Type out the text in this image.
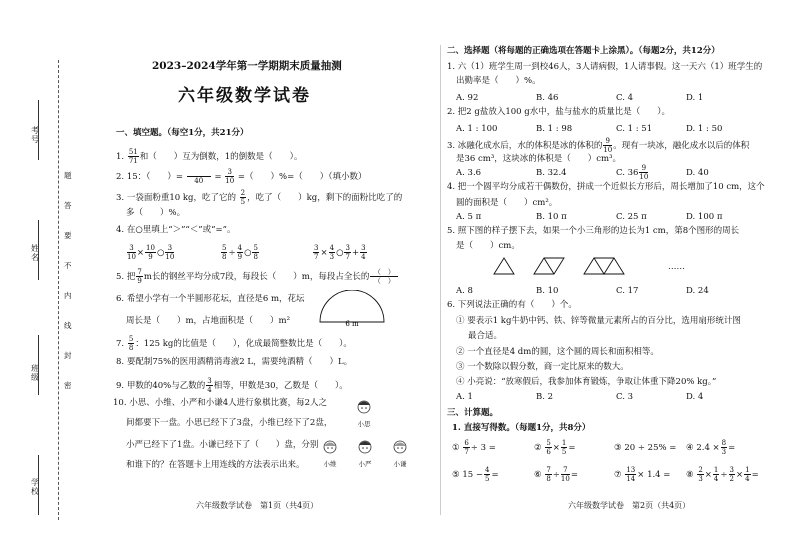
考号
姓名
班级
学校
题
答
要
不
内
线
封
密
2023–2024学年第一学期期末质量抽测
六年级数学试卷
一、填空题。（每空1分，共21分）
1. $\frac{51}{71}$ 和（　　）互为倒数，1的倒数是（　　）。
2. 15：（　　）=
	40	= $\frac{3}{10}$ =（　　）%=（　　）（填小数）
3. 一袋面粉重10 kg，吃了它的 $\frac{2}{5}$ ，吃了（　　）kg，剩下的面粉比吃了的
多（　　）%。
4. 在○里填上“＞”“＜”或“=”。
$\frac{3}{10} \times \frac{10}{9}$ ○ $\frac{3}{10}$	$\frac{5}{8} \div \frac{4}{9}$ ○ $\frac{5}{8}$	$\frac{3}{7} \times \frac{4}{3}$ ○ $\frac{3}{7} + \frac{3}{4}$
5. 把 $\frac{7}{9}$ m长的钢丝平均分成7段，每段长（　　）m，每段占全长的 $\frac{( )}{( )}$
6. 希望小学有一个半圆形花坛，直径是6 m，花坛
周长是（　　）m，占地面积是（　　）m²	6 m
7. $\frac{5}{8}$ ：125 kg的比值是（　　），化成最简整数比是（　　）。
8. 要配制75%的医用酒精消毒液2 L，需要纯酒精（　　）L。
9. 甲数的40%与乙数的 $\frac{3}{4}$ 相等，甲数是30，乙数是（　　）。
10. 小思、小维、小严和小谦4人进行象棋比赛，每2人之
间都要下一盘。小思已经下了3盘，小维已经下了2盘，
小严已经下了1盘。小谦已经下了（　　）盘，分别
和谁下的？在答题卡上用连线的方法表示出来。
小思
小维	小严	小谦
六年级数学试卷　第1页（共4页）
二、选择题（将每题的正确选项在答题卡上涂黑）。（每题2分，共12分）
1. 六（1）班学生周一到校46人，3人请病假，1人请事假。这一天六（1）班学生的
出勤率是（　　）%。
A. 92	B. 46	C. 4	D. 1
2. 把2 g盐放入100 g水中，盐与盐水的质量比是（　　）。
A. 1 : 100	B. 1 : 98	C. 1 : 51	D. 1 : 50
3. 冰融化成水后，水的体积是冰的体积的 $\frac{9}{10}$ 。现有一块冰，融化成水以后的体积
是36 cm³，这块冰的体积是（　　）cm³。
A. 3.6	B. 32.4	C. $36 \frac{9}{10}$	D. 40
4. 把一个圆平均分成若干偶数份，拼成一个近似长方形后，周长增加了10 cm，这个
圆的面积是（　　）cm²。
A. 5 π	B. 10 π	C. 25 π	D. 100 π
5. 照下图的样子摆下去，如果一个小三角形的边长为1 cm，第8个图形的周长
是（　　）cm。
……
A. 8	B. 10	C. 17	D. 24
6. 下列说法正确的有（　　）个。
① 要表示1 kg牛奶中钙、铁、锌等微量元素所占的百分比，选用扇形统计图
最合适。
② 一个直径是4 dm的圆，这个圆的周长和面积相等。
③ 一个数除以假分数，商一定比原来的数大。
④ 小亮说：“放寒假后，我参加体育锻炼，争取让体重下降20% kg。”
A. 1	B. 2	C. 3	D. 4
三、计算题。
1. 直接写得数。（每题1分，共8分）
① $\frac{6}{7} \div 3$ =	② $\frac{5}{6} \times \frac{1}{5}$ =	③ 20 ÷ 25% = ④ $2.4 \times \frac{8}{3}$ =
⑤ $15 - \frac{4}{5}$ =	⑥ $\frac{7}{8} \div \frac{7}{10}$ =	⑦ $\frac{13}{14} \times 1.4$ = ⑧ $\frac{2}{3} \times \frac{1}{4} \div \frac{3}{2} \times \frac{1}{4}$ =
六年级数学试卷　第2页（共4页）
